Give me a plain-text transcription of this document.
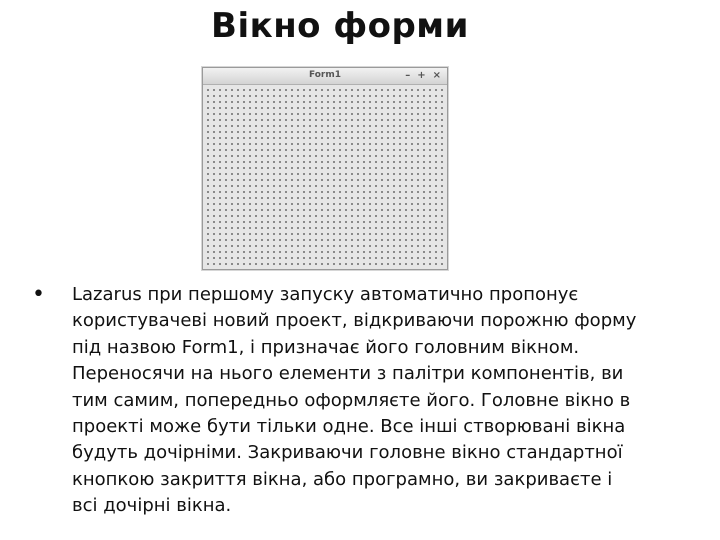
Вікно форми
Form1	– + ×
•	Lazarus при першому запуску автоматично пропонує користувачеві новий проект, відкриваючи порожню форму під назвою Form1, і призначає його головним вікном. Переносячи на нього елементи з палітри компонентів, ви тим самим, попередньо оформляєте його. Головне вікно в проекті може бути тільки одне. Все інші створювані вікна будуть дочірніми. Закриваючи головне вікно стандартної кнопкою закриття вікна, або програмно, ви закриваєте і всі дочірні вікна.
